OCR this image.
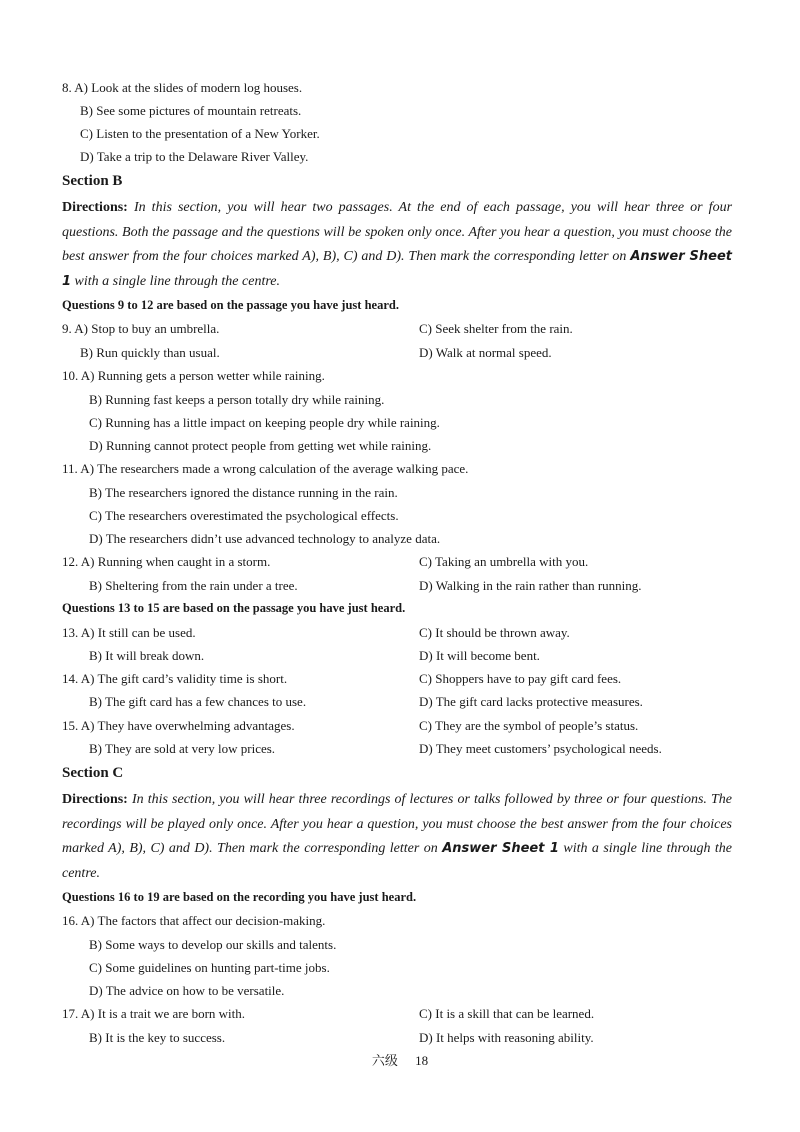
8. A) Look at the slides of modern log houses.
B) See some pictures of mountain retreats.
C) Listen to the presentation of a New Yorker.
D) Take a trip to the Delaware River Valley.
Section B
Directions: In this section, you will hear two passages. At the end of each passage, you will hear three or four questions. Both the passage and the questions will be spoken only once. After you hear a question, you must choose the best answer from the four choices marked A), B), C) and D). Then mark the corresponding letter on Answer Sheet 1 with a single line through the centre.
Questions 9 to 12 are based on the passage you have just heard.
9. A) Stop to buy an umbrella.	C) Seek shelter from the rain.
B) Run quickly than usual.	D) Walk at normal speed.
10. A) Running gets a person wetter while raining.
B) Running fast keeps a person totally dry while raining.
C) Running has a little impact on keeping people dry while raining.
D) Running cannot protect people from getting wet while raining.
11. A) The researchers made a wrong calculation of the average walking pace.
B) The researchers ignored the distance running in the rain.
C) The researchers overestimated the psychological effects.
D) The researchers didn’t use advanced technology to analyze data.
12. A) Running when caught in a storm.	C) Taking an umbrella with you.
B) Sheltering from the rain under a tree.	D) Walking in the rain rather than running.
Questions 13 to 15 are based on the passage you have just heard.
13. A) It still can be used.	C) It should be thrown away.
B) It will break down.	D) It will become bent.
14. A) The gift card’s validity time is short.	C) Shoppers have to pay gift card fees.
B) The gift card has a few chances to use.	D) The gift card lacks protective measures.
15. A) They have overwhelming advantages.	C) They are the symbol of people’s status.
B) They are sold at very low prices.	D) They meet customers’ psychological needs.
Section C
Directions: In this section, you will hear three recordings of lectures or talks followed by three or four questions. The recordings will be played only once. After you hear a question, you must choose the best answer from the four choices marked A), B), C) and D). Then mark the corresponding letter on Answer Sheet 1 with a single line through the centre.
Questions 16 to 19 are based on the recording you have just heard.
16. A) The factors that affect our decision-making.
B) Some ways to develop our skills and talents.
C) Some guidelines on hunting part-time jobs.
D) The advice on how to be versatile.
17. A) It is a trait we are born with.	C) It is a skill that can be learned.
B) It is the key to success.	D) It helps with reasoning ability.
六级 18
